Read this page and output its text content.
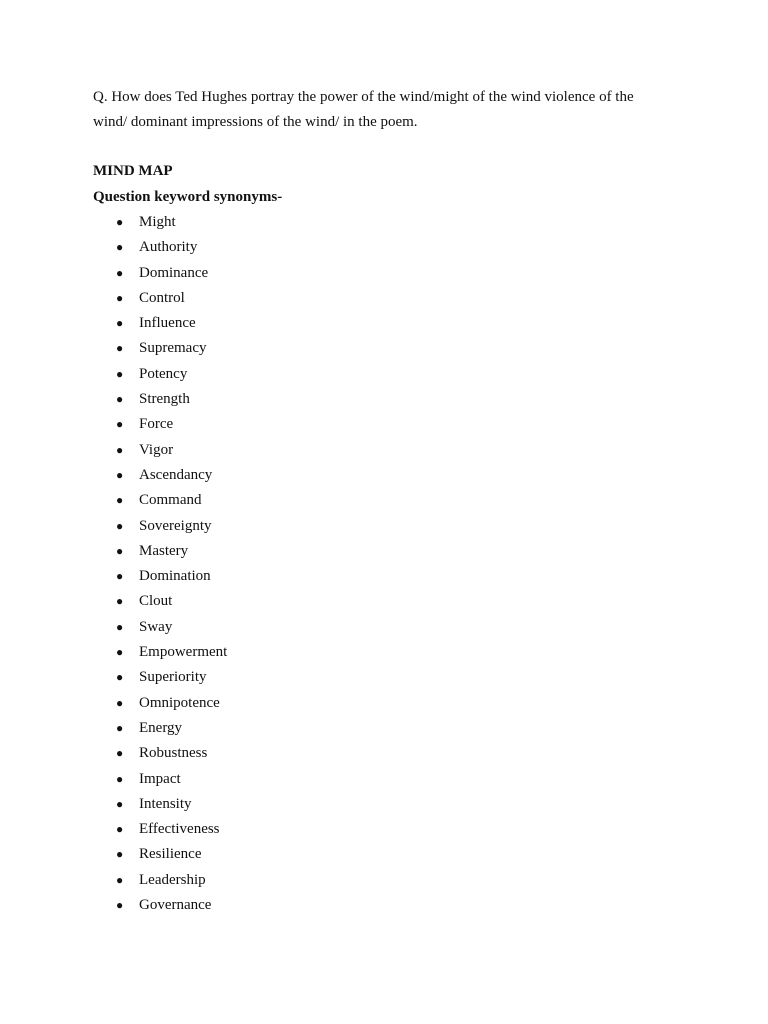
Q. How does Ted Hughes portray the power of the wind/might of the wind violence of the
wind/ dominant impressions of the wind/ in the poem.
MIND MAP
Question keyword synonyms-
● Might
● Authority
● Dominance
● Control
● Influence
● Supremacy
● Potency
● Strength
● Force
● Vigor
● Ascendancy
● Command
● Sovereignty
● Mastery
● Domination
● Clout
● Sway
● Empowerment
● Superiority
● Omnipotence
● Energy
● Robustness
● Impact
● Intensity
● Effectiveness
● Resilience
● Leadership
● Governance
